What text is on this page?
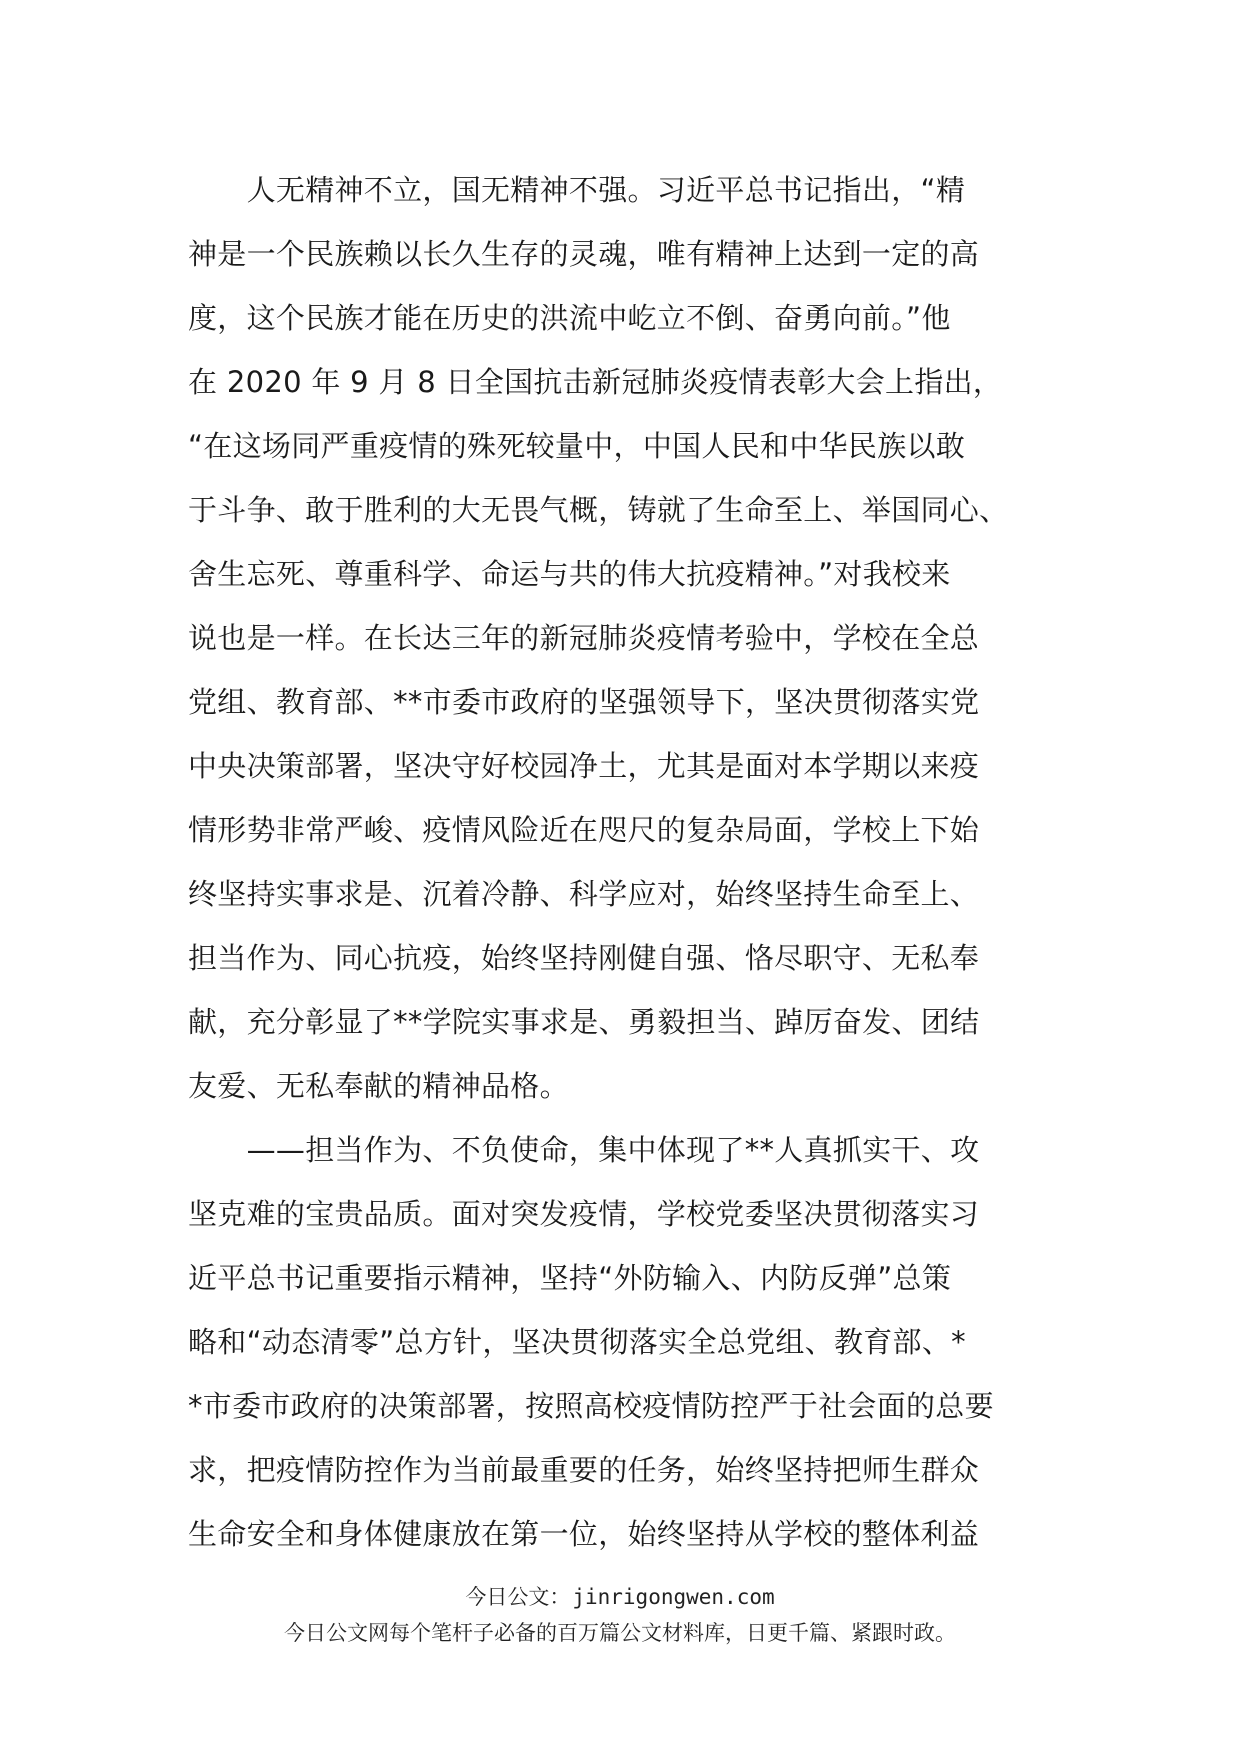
　　人无精神不立，国无精神不强。习近平总书记指出，“精
神是一个民族赖以长久生存的灵魂，唯有精神上达到一定的高
度，这个民族才能在历史的洪流中屹立不倒、奋勇向前。”他
在 2020 年 9 月 8 日全国抗击新冠肺炎疫情表彰大会上指出，
“在这场同严重疫情的殊死较量中，中国人民和中华民族以敢
于斗争、敢于胜利的大无畏气概，铸就了生命至上、举国同心、
舍生忘死、尊重科学、命运与共的伟大抗疫精神。”对我校来
说也是一样。在长达三年的新冠肺炎疫情考验中，学校在全总
党组、教育部、**市委市政府的坚强领导下，坚决贯彻落实党
中央决策部署，坚决守好校园净土，尤其是面对本学期以来疫
情形势非常严峻、疫情风险近在咫尺的复杂局面，学校上下始
终坚持实事求是、沉着冷静、科学应对，始终坚持生命至上、
担当作为、同心抗疫，始终坚持刚健自强、恪尽职守、无私奉
献，充分彰显了**学院实事求是、勇毅担当、踔厉奋发、团结
友爱、无私奉献的精神品格。
　　——担当作为、不负使命，集中体现了**人真抓实干、攻
坚克难的宝贵品质。面对突发疫情，学校党委坚决贯彻落实习
近平总书记重要指示精神，坚持“外防输入、内防反弹”总策
略和“动态清零”总方针，坚决贯彻落实全总党组、教育部、*
*市委市政府的决策部署，按照高校疫情防控严于社会面的总要
求，把疫情防控作为当前最重要的任务，始终坚持把师生群众
生命安全和身体健康放在第一位，始终坚持从学校的整体利益
今日公文：jinrigongwen.com
今日公文网每个笔杆子必备的百万篇公文材料库，日更千篇、紧跟时政。
